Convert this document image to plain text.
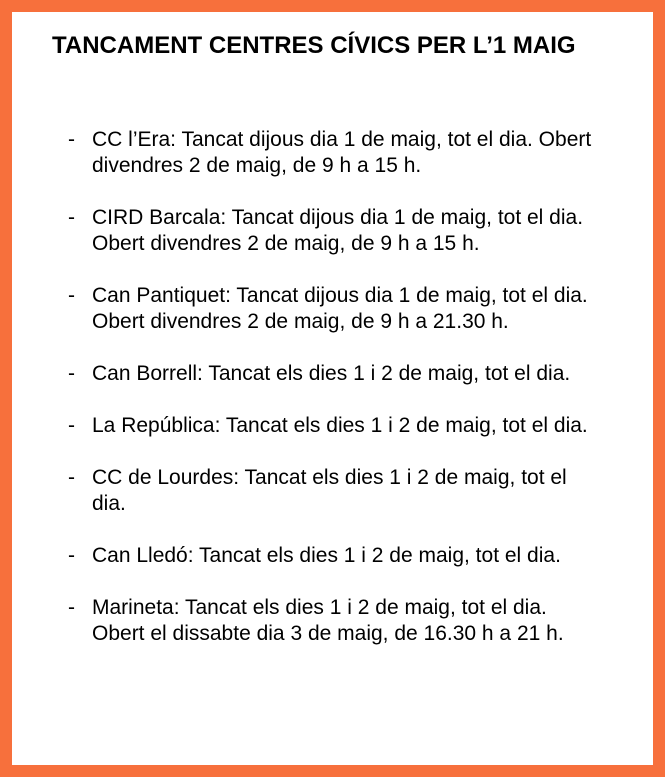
TANCAMENT CENTRES CÍVICS PER L’1 MAIG
- CC l’Era: Tancat dijous dia 1 de maig, tot el dia. Obert divendres 2 de maig, de 9 h a 15 h.
- CIRD Barcala: Tancat dijous dia 1 de maig, tot el dia. Obert divendres 2 de maig, de 9 h a 15 h.
- Can Pantiquet: Tancat dijous dia 1 de maig, tot el dia. Obert divendres 2 de maig, de 9 h a 21.30 h.
- Can Borrell: Tancat els dies 1 i 2 de maig, tot el dia.
- La República: Tancat els dies 1 i 2 de maig, tot el dia.
- CC de Lourdes: Tancat els dies 1 i 2 de maig, tot el dia.
- Can Lledó: Tancat els dies 1 i 2 de maig, tot el dia.
- Marineta: Tancat els dies 1 i 2 de maig, tot el dia. Obert el dissabte dia 3 de maig, de 16.30 h a 21 h.
